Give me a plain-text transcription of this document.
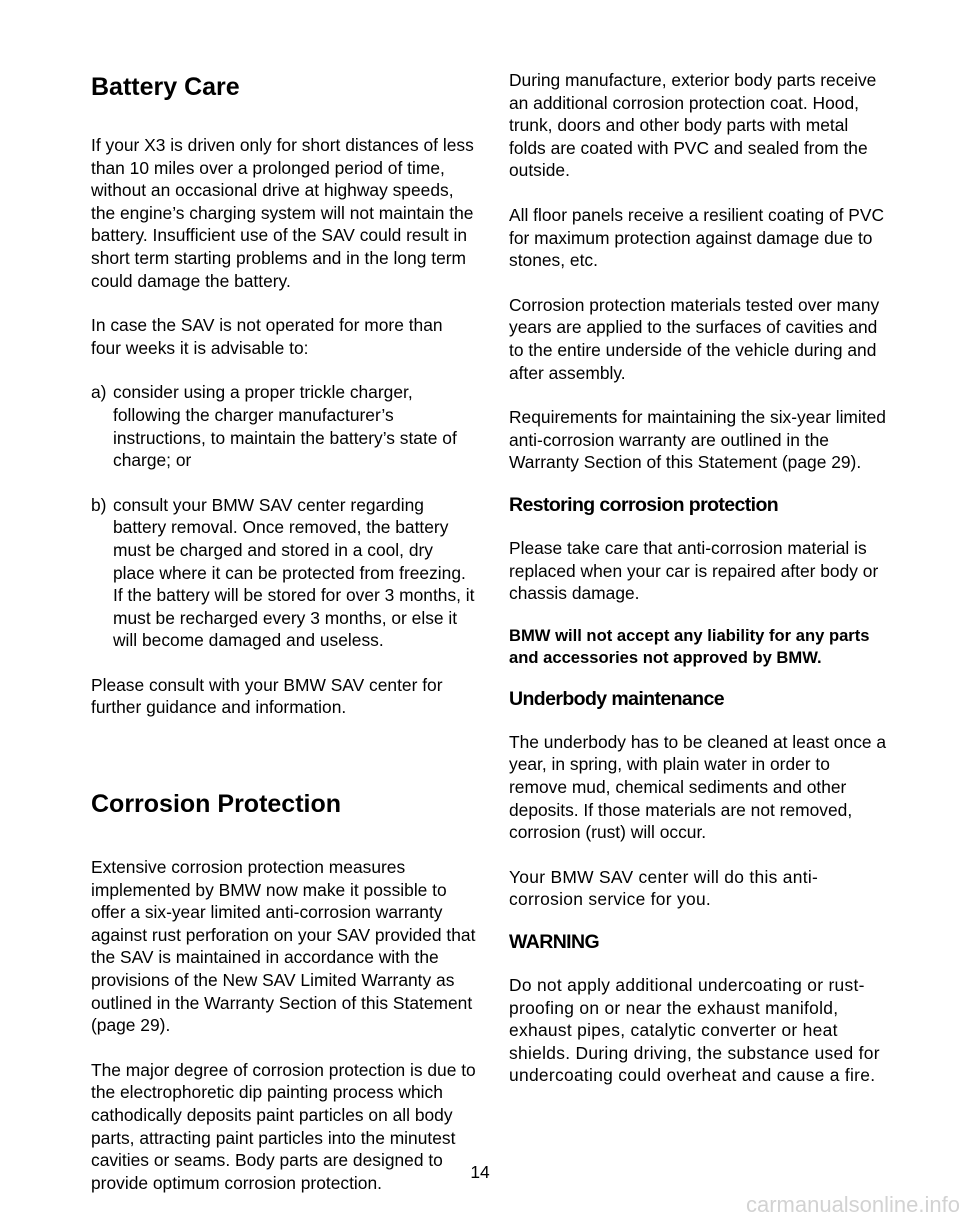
Battery Care

If your X3 is driven only for short distances of less than 10 miles over a prolonged period of time, without an occasional drive at highway speeds, the engine’s charging system will not maintain the battery. Insufficient use of the SAV could result in short term starting problems and in the long term could damage the battery.

In case the SAV is not operated for more than four weeks it is advisable to:

a) consider using a proper trickle charger, following the charger manufacturer’s instructions, to maintain the battery’s state of charge; or

b) consult your BMW SAV center regarding battery removal. Once removed, the battery must be charged and stored in a cool, dry place where it can be protected from freezing. If the battery will be stored for over 3 months, it must be recharged every 3 months, or else it will become damaged and useless.

Please consult with your BMW SAV center for further guidance and information.

Corrosion Protection

Extensive corrosion protection measures implemented by BMW now make it possible to offer a six-year limited anti-corrosion warranty against rust perforation on your SAV provided that the SAV is maintained in accordance with the provisions of the New SAV Limited Warranty as outlined in the Warranty Section of this Statement (page 29).

The major degree of corrosion protection is due to the electrophoretic dip painting process which cathodically deposits paint particles on all body parts, attracting paint particles into the minutest cavities or seams. Body parts are designed to provide optimum corrosion protection.

During manufacture, exterior body parts receive an additional corrosion protection coat. Hood, trunk, doors and other body parts with metal folds are coated with PVC and sealed from the outside.

All floor panels receive a resilient coating of PVC for maximum protection against damage due to stones, etc.

Corrosion protection materials tested over many years are applied to the surfaces of cavities and to the entire underside of the vehicle during and after assembly.

Requirements for maintaining the six-year limited anti-corrosion warranty are outlined in the Warranty Section of this Statement (page 29).

Restoring corrosion protection

Please take care that anti-corrosion material is replaced when your car is repaired after body or chassis damage.

BMW will not accept any liability for any parts and accessories not approved by BMW.

Underbody maintenance

The underbody has to be cleaned at least once a year, in spring, with plain water in order to remove mud, chemical sediments and other deposits. If those materials are not removed, corrosion (rust) will occur.

Your BMW SAV center will do this anti-corrosion service for you.

WARNING

Do not apply additional undercoating or rust-proofing on or near the exhaust manifold, exhaust pipes, catalytic converter or heat shields. During driving, the substance used for undercoating could overheat and cause a fire.

14
carmanualsonline.info
